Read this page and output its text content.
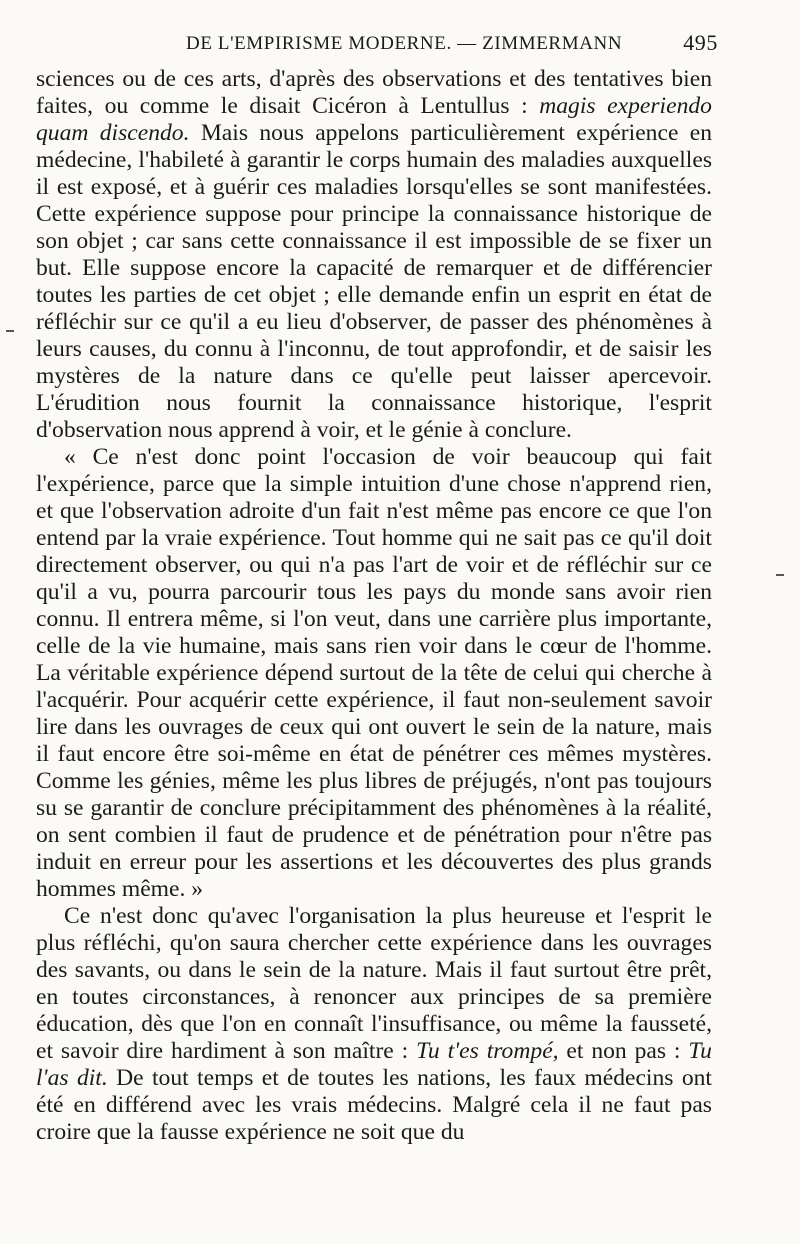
DE L'EMPIRISME MODERNE. — ZIMMERMANN	495

sciences ou de ces arts, d'après des observations et des tentatives bien faites, ou comme le disait Cicéron à Lentullus : magis experiendo quam discendo. Mais nous appelons particulièrement expérience en médecine, l'habileté à garantir le corps humain des maladies auxquelles il est exposé, et à guérir ces maladies lorsqu'elles se sont manifestées. Cette expérience suppose pour principe la connaissance historique de son objet ; car sans cette connaissance il est impossible de se fixer un but. Elle suppose encore la capacité de remarquer et de différencier toutes les parties de cet objet ; elle demande enfin un esprit en état de réfléchir sur ce qu'il a eu lieu d'observer, de passer des phénomènes à leurs causes, du connu à l'inconnu, de tout approfondir, et de saisir les mystères de la nature dans ce qu'elle peut laisser apercevoir. L'érudition nous fournit la connaissance historique, l'esprit d'observation nous apprend à voir, et le génie à conclure.

« Ce n'est donc point l'occasion de voir beaucoup qui fait l'expérience, parce que la simple intuition d'une chose n'apprend rien, et que l'observation adroite d'un fait n'est même pas encore ce que l'on entend par la vraie expérience. Tout homme qui ne sait pas ce qu'il doit directement observer, ou qui n'a pas l'art de voir et de réfléchir sur ce qu'il a vu, pourra parcourir tous les pays du monde sans avoir rien connu. Il entrera même, si l'on veut, dans une carrière plus importante, celle de la vie humaine, mais sans rien voir dans le cœur de l'homme. La véritable expérience dépend surtout de la tête de celui qui cherche à l'acquérir. Pour acquérir cette expérience, il faut non-seulement savoir lire dans les ouvrages de ceux qui ont ouvert le sein de la nature, mais il faut encore être soi-même en état de pénétrer ces mêmes mystères. Comme les génies, même les plus libres de préjugés, n'ont pas toujours su se garantir de conclure précipitamment des phénomènes à la réalité, on sent combien il faut de prudence et de pénétration pour n'être pas induit en erreur pour les assertions et les découvertes des plus grands hommes même. »

Ce n'est donc qu'avec l'organisation la plus heureuse et l'esprit le plus réfléchi, qu'on saura chercher cette expérience dans les ouvrages des savants, ou dans le sein de la nature. Mais il faut surtout être prêt, en toutes circonstances, à renoncer aux principes de sa première éducation, dès que l'on en connaît l'insuffisance, ou même la fausseté, et savoir dire hardiment à son maître : Tu t'es trompé, et non pas : Tu l'as dit. De tout temps et de toutes les nations, les faux médecins ont été en différend avec les vrais médecins. Malgré cela il ne faut pas croire que la fausse expérience ne soit que du
